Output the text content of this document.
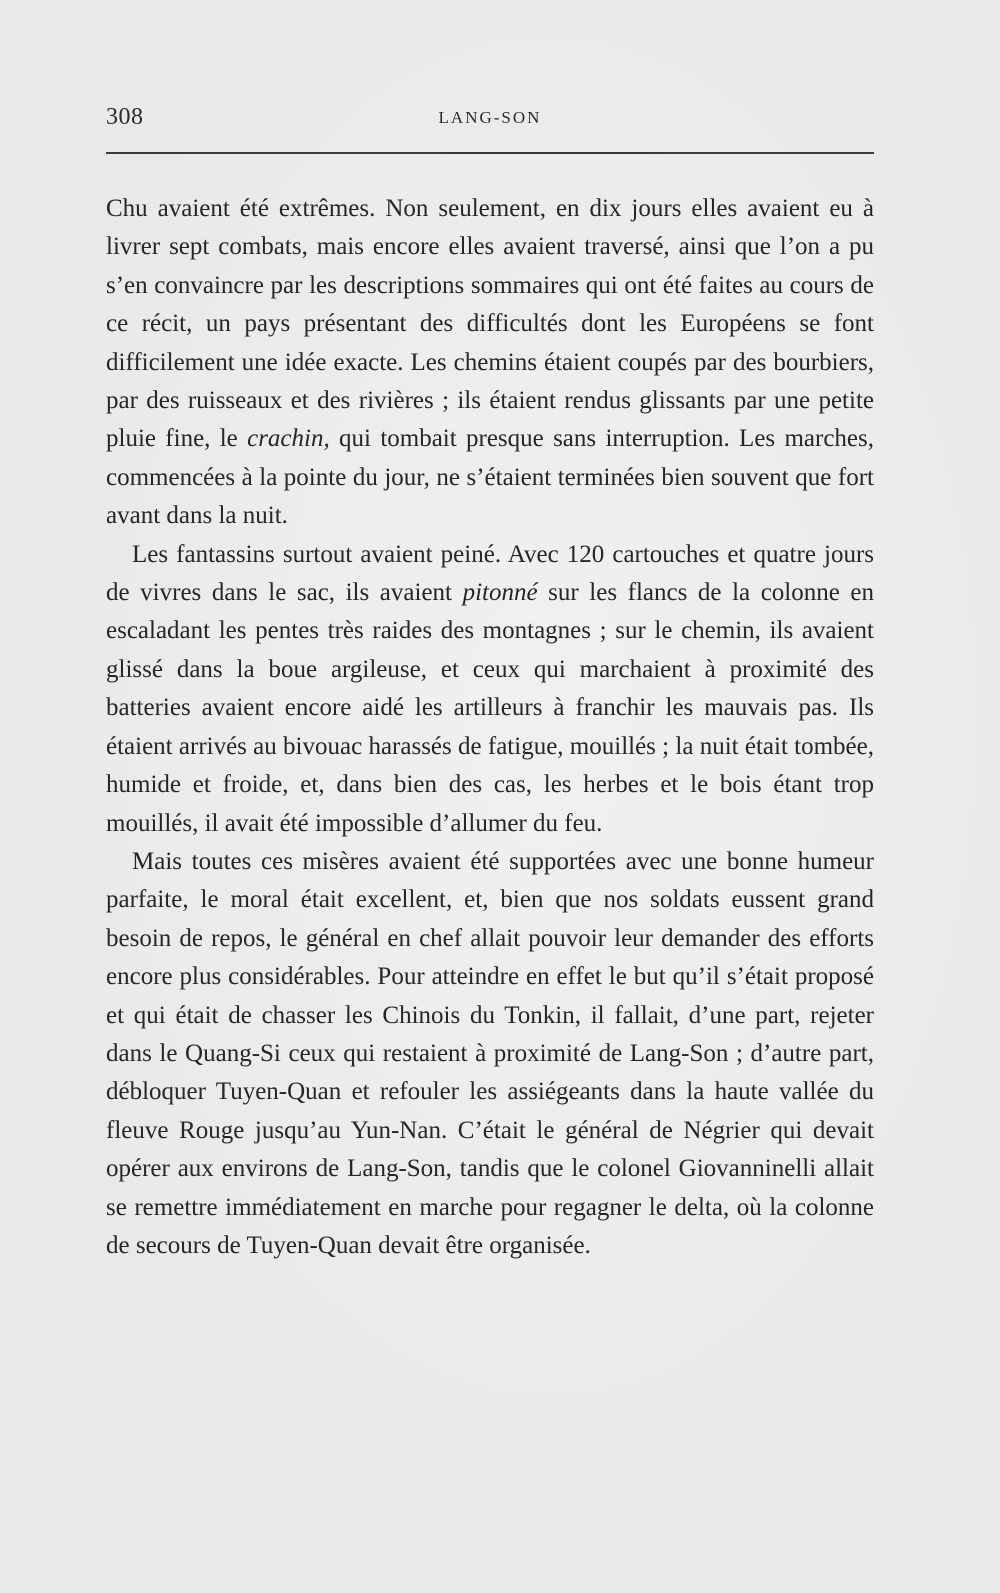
308	LANG-SON

Chu avaient été extrêmes. Non seulement, en dix jours elles avaient eu à livrer sept combats, mais encore elles avaient traversé, ainsi que l’on a pu s’en convaincre par les descriptions sommaires qui ont été faites au cours de ce récit, un pays présentant des difficultés dont les Européens se font difficilement une idée exacte. Les chemins étaient coupés par des bourbiers, par des ruisseaux et des rivières ; ils étaient rendus glissants par une petite pluie fine, le crachin, qui tombait presque sans interruption. Les marches, commencées à la pointe du jour, ne s’étaient terminées bien souvent que fort avant dans la nuit.

Les fantassins surtout avaient peiné. Avec 120 cartouches et quatre jours de vivres dans le sac, ils avaient pitonné sur les flancs de la colonne en escaladant les pentes très raides des montagnes ; sur le chemin, ils avaient glissé dans la boue argileuse, et ceux qui marchaient à proximité des batteries avaient encore aidé les artilleurs à franchir les mauvais pas. Ils étaient arrivés au bivouac harassés de fatigue, mouillés ; la nuit était tombée, humide et froide, et, dans bien des cas, les herbes et le bois étant trop mouillés, il avait été impossible d’allumer du feu.

Mais toutes ces misères avaient été supportées avec une bonne humeur parfaite, le moral était excellent, et, bien que nos soldats eussent grand besoin de repos, le général en chef allait pouvoir leur demander des efforts encore plus considérables. Pour atteindre en effet le but qu’il s’était proposé et qui était de chasser les Chinois du Tonkin, il fallait, d’une part, rejeter dans le Quang-Si ceux qui restaient à proximité de Lang-Son ; d’autre part, débloquer Tuyen-Quan et refouler les assiégeants dans la haute vallée du fleuve Rouge jusqu’au Yun-Nan. C’était le général de Négrier qui devait opérer aux environs de Lang-Son, tandis que le colonel Giovanninelli allait se remettre immédiatement en marche pour regagner le delta, où la colonne de secours de Tuyen-Quan devait être organisée.
